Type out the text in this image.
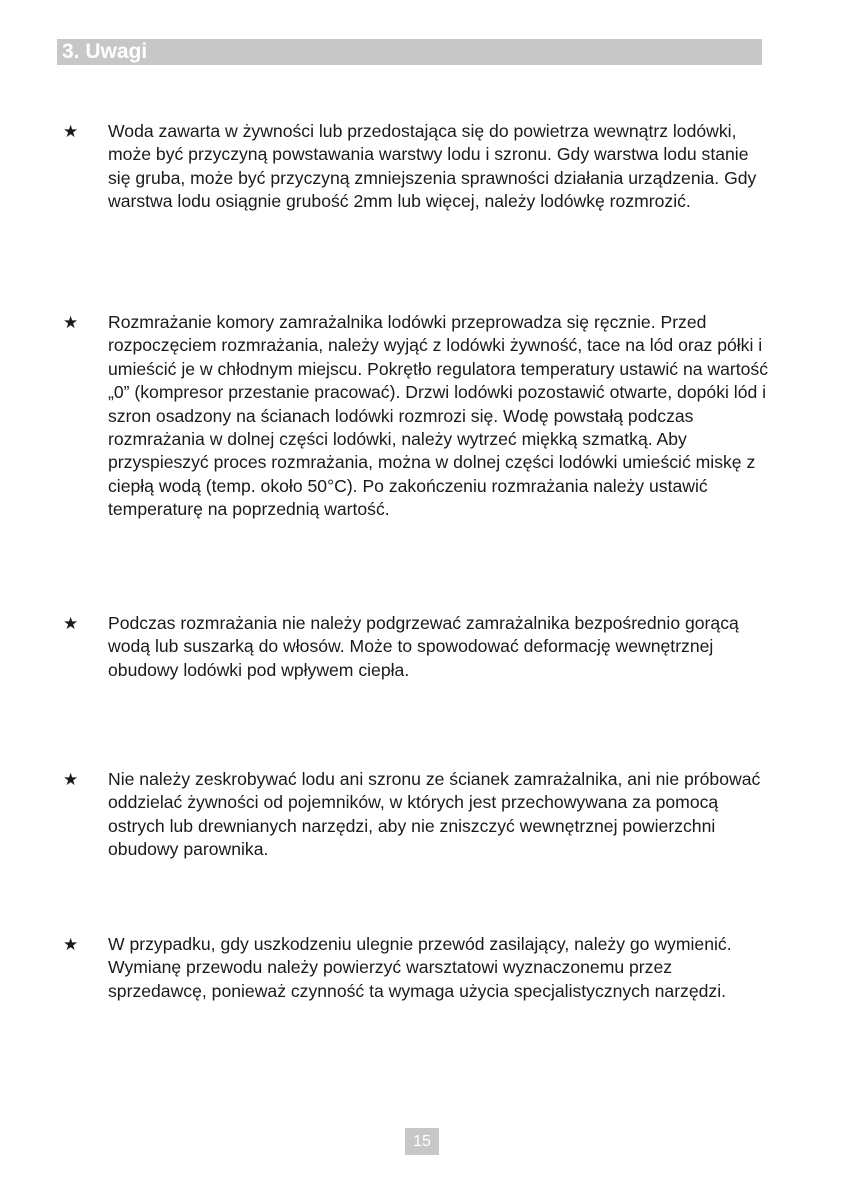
3. Uwagi
★ Woda zawarta w żywności lub przedostająca się do powietrza wewnątrz lodówki, może być przyczyną powstawania warstwy lodu i szronu. Gdy warstwa lodu stanie się gruba, może być przyczyną zmniejszenia sprawności działania urządzenia. Gdy warstwa lodu osiągnie grubość 2mm lub więcej, należy lodówkę rozmrozić.
★ Rozmrażanie komory zamrażalnika lodówki przeprowadza się ręcznie. Przed rozpoczęciem rozmrażania, należy wyjąć z lodówki żywność, tace na lód oraz półki i umieścić je w chłodnym miejscu. Pokrętło regulatora temperatury ustawić na wartość „0” (kompresor przestanie pracować). Drzwi lodówki pozostawić otwarte, dopóki lód i szron osadzony na ścianach lodówki rozmrozi się. Wodę powstałą podczas rozmrażania w dolnej części lodówki, należy wytrzeć miękką szmatką. Aby przyspieszyć proces rozmrażania, można w dolnej części lodówki umieścić miskę z ciepłą wodą (temp. około 50°C). Po zakończeniu rozmrażania należy ustawić temperaturę na poprzednią wartość.
★ Podczas rozmrażania nie należy podgrzewać zamrażalnika bezpośrednio gorącą wodą lub suszarką do włosów. Może to spowodować deformację wewnętrznej obudowy lodówki pod wpływem ciepła.
★ Nie należy zeskrobywać lodu ani szronu ze ścianek zamrażalnika, ani nie próbować oddzielać żywności od pojemników, w których jest przechowywana za pomocą ostrych lub drewnianych narzędzi, aby nie zniszczyć wewnętrznej powierzchni obudowy parownika.
★ W przypadku, gdy uszkodzeniu ulegnie przewód zasilający, należy go wymienić. Wymianę przewodu należy powierzyć warsztatowi wyznaczonemu przez sprzedawcę, ponieważ czynność ta wymaga użycia specjalistycznych narzędzi.
15
